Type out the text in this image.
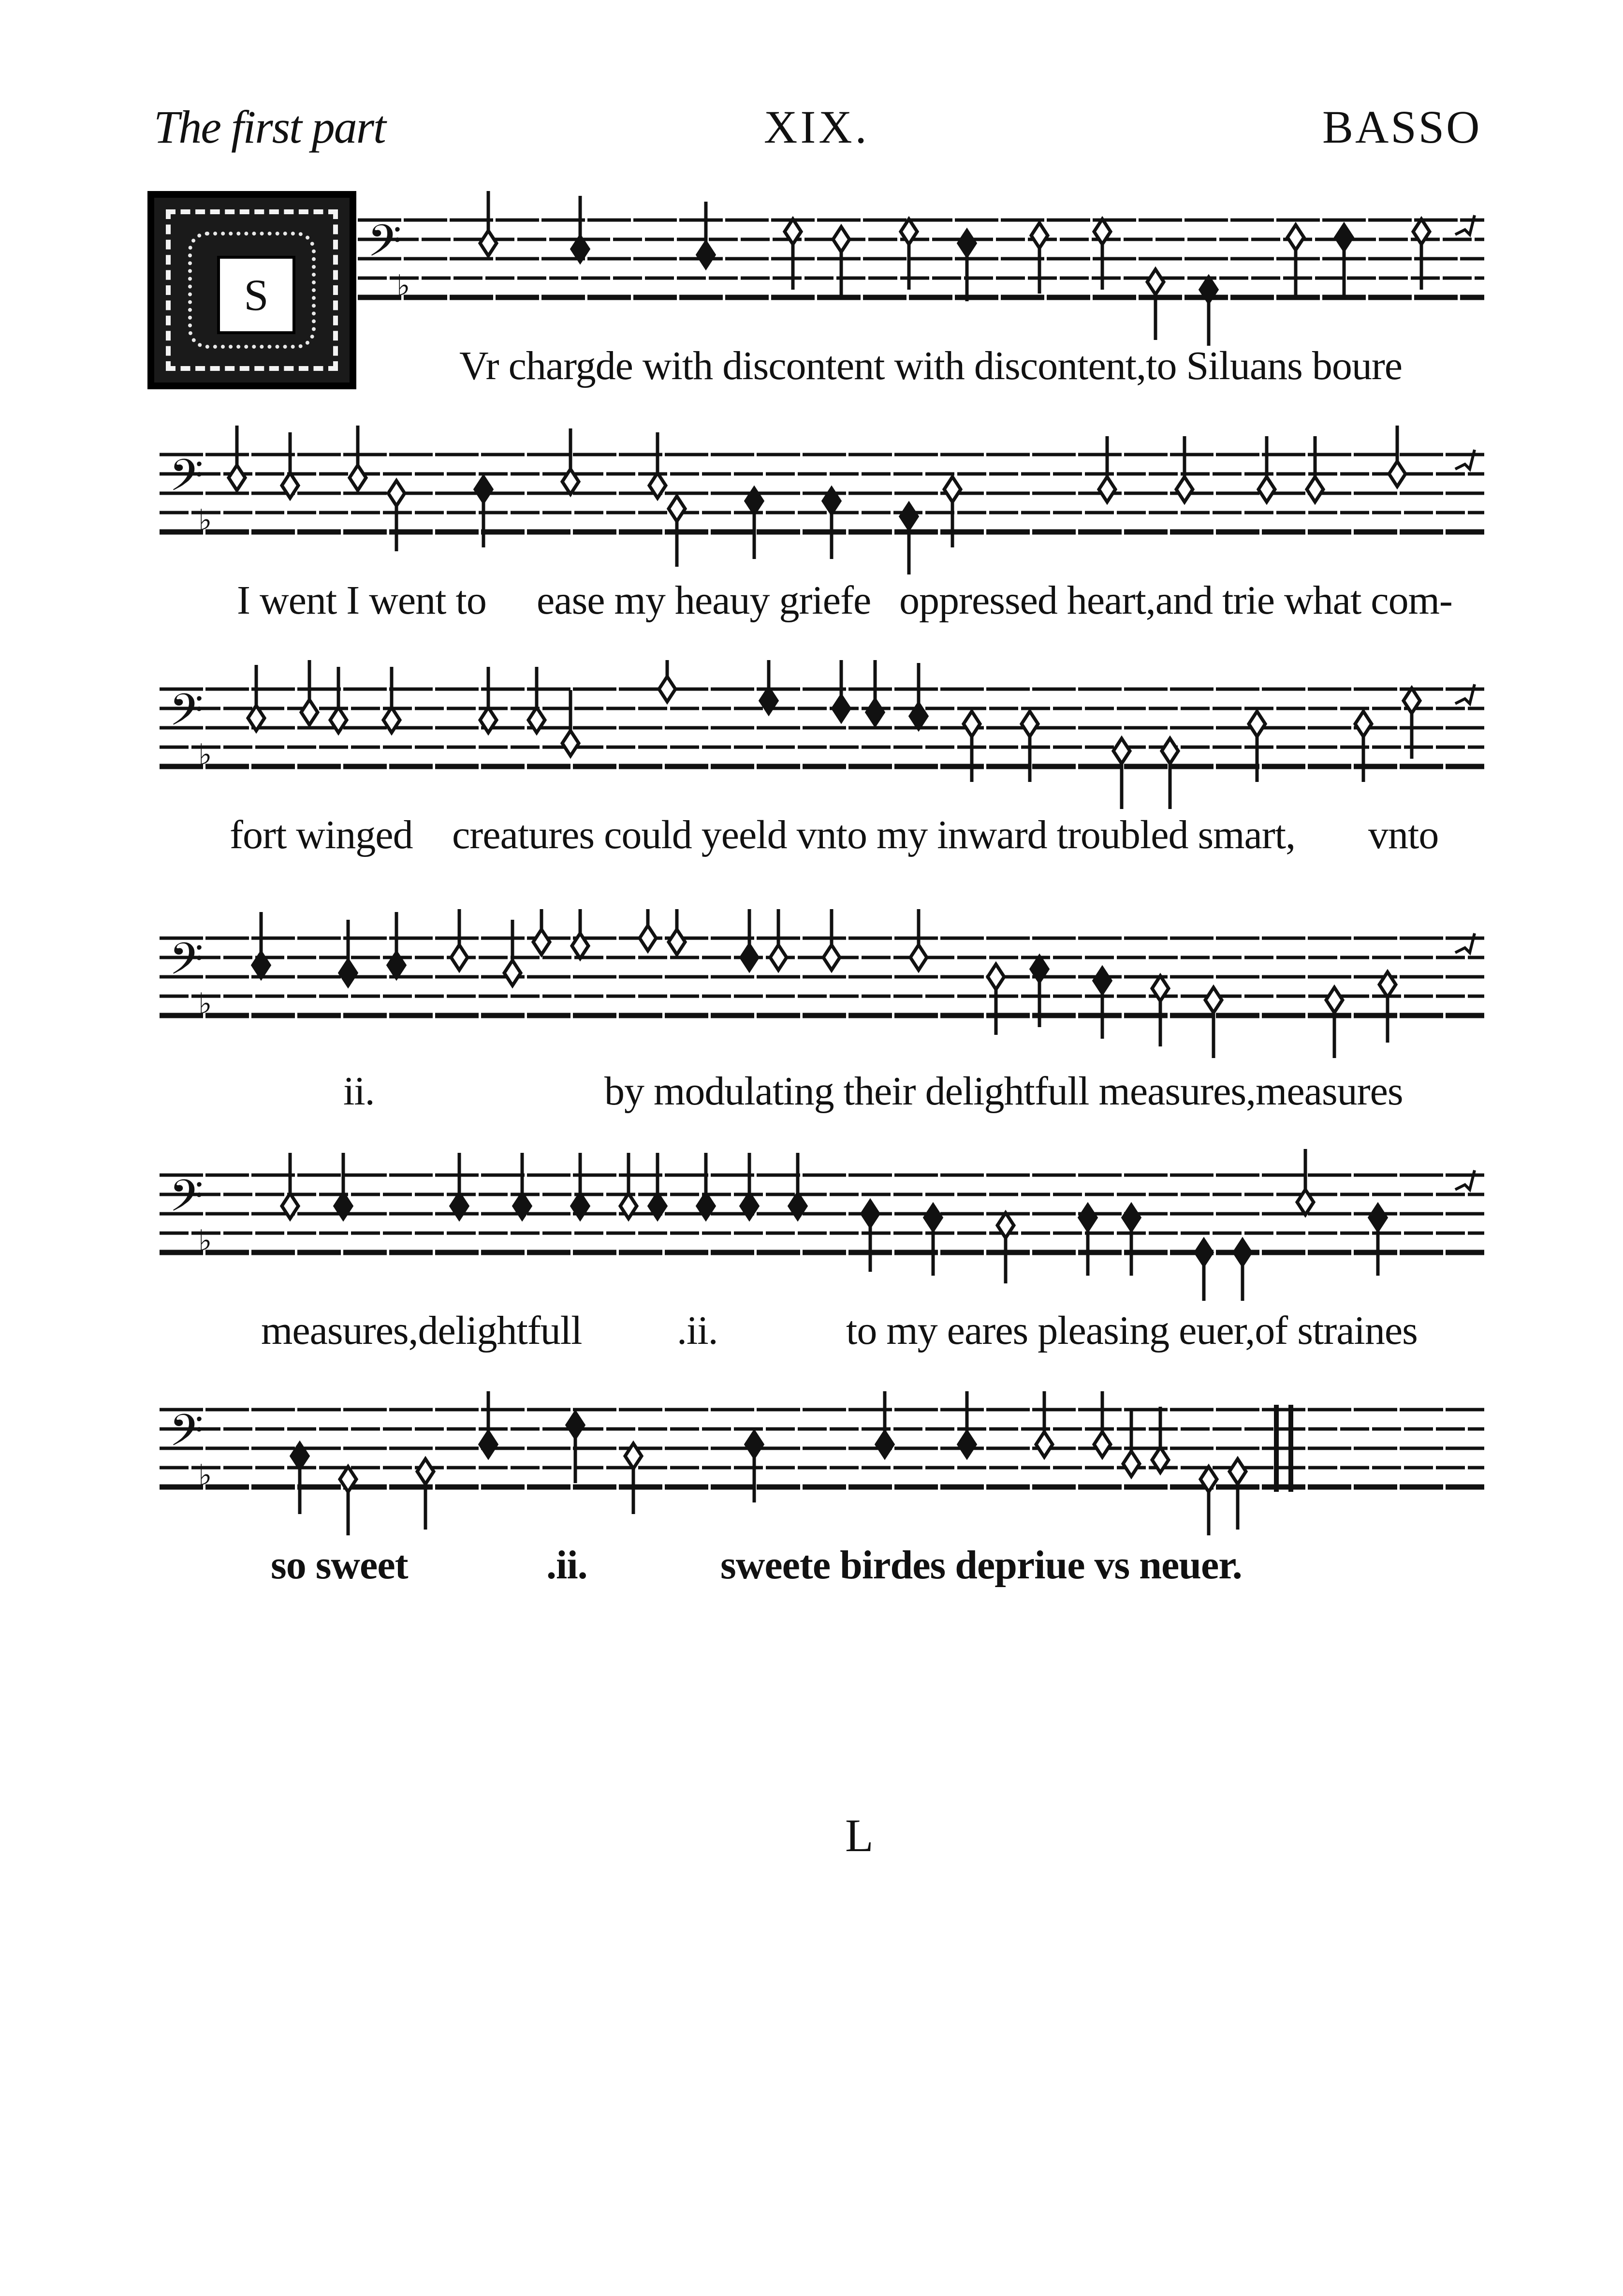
The first part	XIX.	BASSO
S
𝄢
♭
𝄢
♭
𝄢
♭
𝄢
♭
𝄢
♭
𝄢
♭
Vr chargde with discontent with discontent,to Siluans boure
I went I went to ease my heauy griefe oppressed heart,and trie what com-
fort winged creatures could yeeld vnto my inward troubled smart, vnto
ii.	by modulating their delightfull measures,measures
measures,delightfull .ii.	to my eares pleasing euer,of straines
so sweet	.ii.	sweete birdes depriue vs neuer.
L
